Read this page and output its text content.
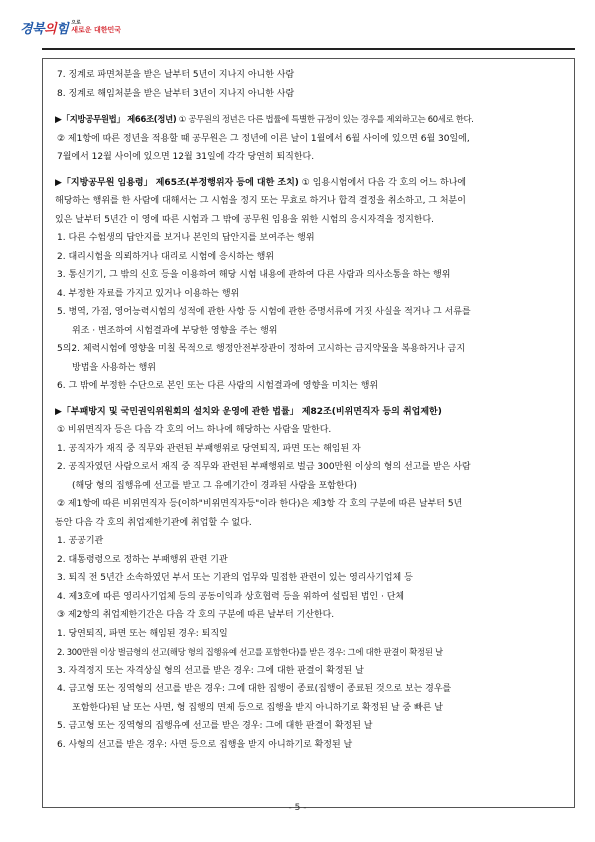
경북의힘 으로
새로운 대한민국

7. 징계로 파면처분을 받은 날부터 5년이 지나지 아니한 사람

8. 징계로 해임처분을 받은 날부터 3년이 지나지 아니한 사람

▶「지방공무원법」 제66조(정년) ① 공무원의 정년은 다른 법률에 특별한 규정이 있는 경우를 제외하고는 60세로 한다.

② 제1항에 따른 정년을 적용할 때 공무원은 그 정년에 이른 날이 1월에서 6월 사이에 있으면 6월 30일에,

7월에서 12월 사이에 있으면 12월 31일에 각각 당연히 퇴직한다.

▶「지방공무원 임용령」 제65조(부정행위자 등에 대한 조치) ① 임용시험에서 다음 각 호의 어느 하나에

해당하는 행위를 한 사람에 대해서는 그 시험을 정지 또는 무효로 하거나 합격 결정을 취소하고, 그 처분이

있은 날부터 5년간 이 영에 따른 시험과 그 밖에 공무원 임용을 위한 시험의 응시자격을 정지한다.

1. 다른 수험생의 답안지를 보거나 본인의 답안지를 보여주는 행위

2. 대리시험을 의뢰하거나 대리로 시험에 응시하는 행위

3. 통신기기, 그 밖의 신호 등을 이용하여 해당 시험 내용에 관하여 다른 사람과 의사소통을 하는 행위

4. 부정한 자료를 가지고 있거나 이용하는 행위

5. 병역, 가점, 영어능력시험의 성적에 관한 사항 등 시험에 관한 증명서류에 거짓 사실을 적거나 그 서류를

위조 · 변조하여 시험결과에 부당한 영향을 주는 행위

5의2. 체력시험에 영향을 미칠 목적으로 행정안전부장관이 정하여 고시하는 금지약물을 복용하거나 금지

방법을 사용하는 행위

6. 그 밖에 부정한 수단으로 본인 또는 다른 사람의 시험결과에 영향을 미치는 행위

▶「부패방지 및 국민권익위원회의 설치와 운영에 관한 법률」 제82조(비위면직자 등의 취업제한)

① 비위면직자 등은 다음 각 호의 어느 하나에 해당하는 사람을 말한다.

1. 공직자가 재직 중 직무와 관련된 부패행위로 당연퇴직, 파면 또는 해임된 자

2. 공직자였던 사람으로서 재직 중 직무와 관련된 부패행위로 벌금 300만원 이상의 형의 선고를 받은 사람

(해당 형의 집행유예 선고를 받고 그 유예기간이 경과된 사람을 포함한다)

② 제1항에 따른 비위면직자 등(이하"비위면직자등"이라 한다)은 제3항 각 호의 구분에 따른 날부터 5년

동안 다음 각 호의 취업제한기관에 취업할 수 없다.

1. 공공기관

2. 대통령령으로 정하는 부패행위 관련 기관

3. 퇴직 전 5년간 소속하였던 부서 또는 기관의 업무와 밀접한 관련이 있는 영리사기업체 등

4. 제3호에 따른 영리사기업체 등의 공동이익과 상호협력 등을 위하여 설립된 법인 · 단체

③ 제2항의 취업제한기간은 다음 각 호의 구분에 따른 날부터 기산한다.

1. 당연퇴직, 파면 또는 해임된 경우: 퇴직일

2. 300만원 이상 벌금형의 선고(해당 형의 집행유예 선고를 포함한다)를 받은 경우: 그에 대한 판결이 확정된 날

3. 자격정지 또는 자격상실 형의 선고를 받은 경우: 그에 대한 판결이 확정된 날

4. 금고형 또는 징역형의 선고를 받은 경우: 그에 대한 집행이 종료(집행이 종료된 것으로 보는 경우를

포함한다)된 날 또는 사면, 형 집행의 면제 등으로 집행을 받지 아니하기로 확정된 날 중 빠른 날

5. 금고형 또는 징역형의 집행유예 선고를 받은 경우: 그에 대한 판결이 확정된 날

6. 사형의 선고를 받은 경우: 사면 등으로 집행을 받지 아니하기로 확정된 날

- 5 -
